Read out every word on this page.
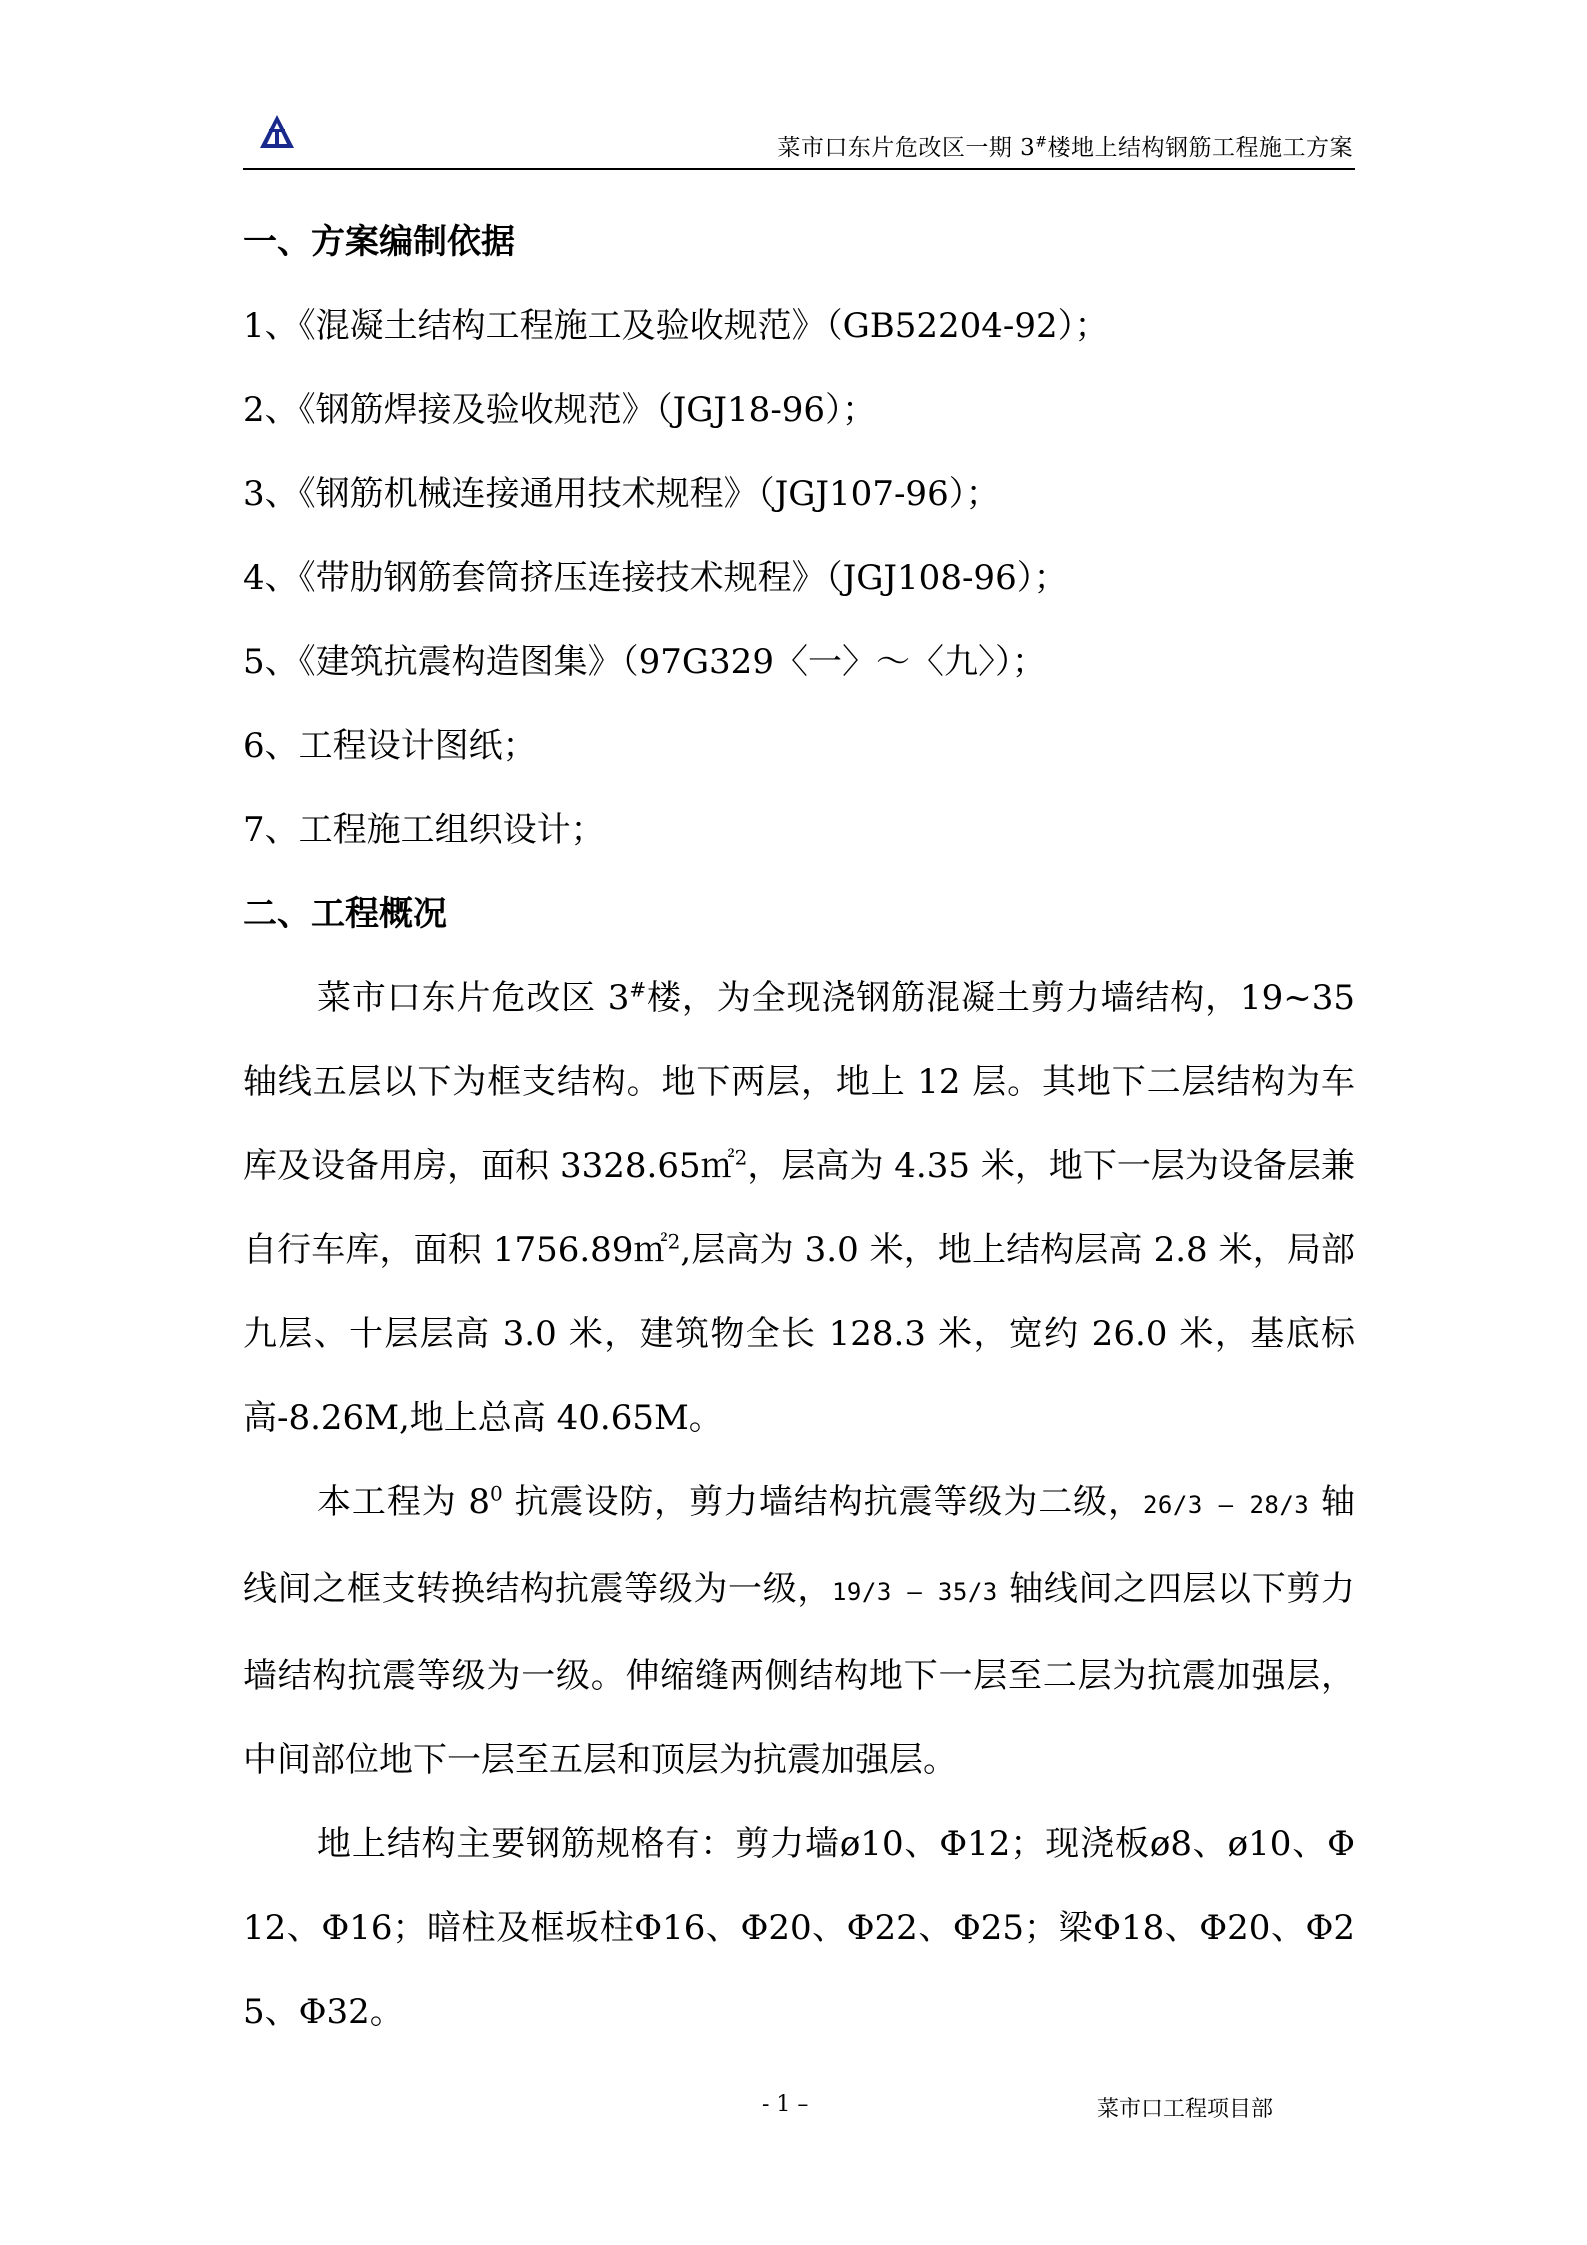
菜市口东片危改区一期 3#楼地上结构钢筋工程施工方案

一、方案编制依据

1、《混凝土结构工程施工及验收规范》（GB52204-92）；

2、《钢筋焊接及验收规范》（JGJ18-96）；

3、《钢筋机械连接通用技术规程》（JGJ107-96）；

4、《带肋钢筋套筒挤压连接技术规程》（JGJ108-96）；

5、《建筑抗震构造图集》（97G329〈一〉～〈九〉）；

6、工程设计图纸；

7、工程施工组织设计；

二、工程概况

菜市口东片危改区 3#楼，为全现浇钢筋混凝土剪力墙结构，19~35 轴线五层以下为框支结构。地下两层，地上 12 层。其地下二层结构为车库及设备用房，面积 3328.65㎡$^2$，层高为 4.35 米，地下一层为设备层兼自行车库，面积 1756.89㎡$^2$,层高为 3.0 米，地上结构层高 2.8 米，局部九层、十层层高 3.0 米，建筑物全长 128.3 米，宽约 26.0 米，基底标高-8.26M,地上总高 40.65M。

本工程为 $8^0$ 抗震设防，剪力墙结构抗震等级为二级，26/3 – 28/3 轴线间之框支转换结构抗震等级为一级，19/3 – 35/3 轴线间之四层以下剪力墙结构抗震等级为一级。伸缩缝两侧结构地下一层至二层为抗震加强层，中间部位地下一层至五层和顶层为抗震加强层。

地上结构主要钢筋规格有：剪力墙ø10、Φ12；现浇板ø8、ø10、Φ12、Φ16；暗柱及框坂柱Φ16、Φ20、Φ22、Φ25；梁Φ18、Φ20、Φ25、Φ32。

- 1 –	菜市口工程项目部
